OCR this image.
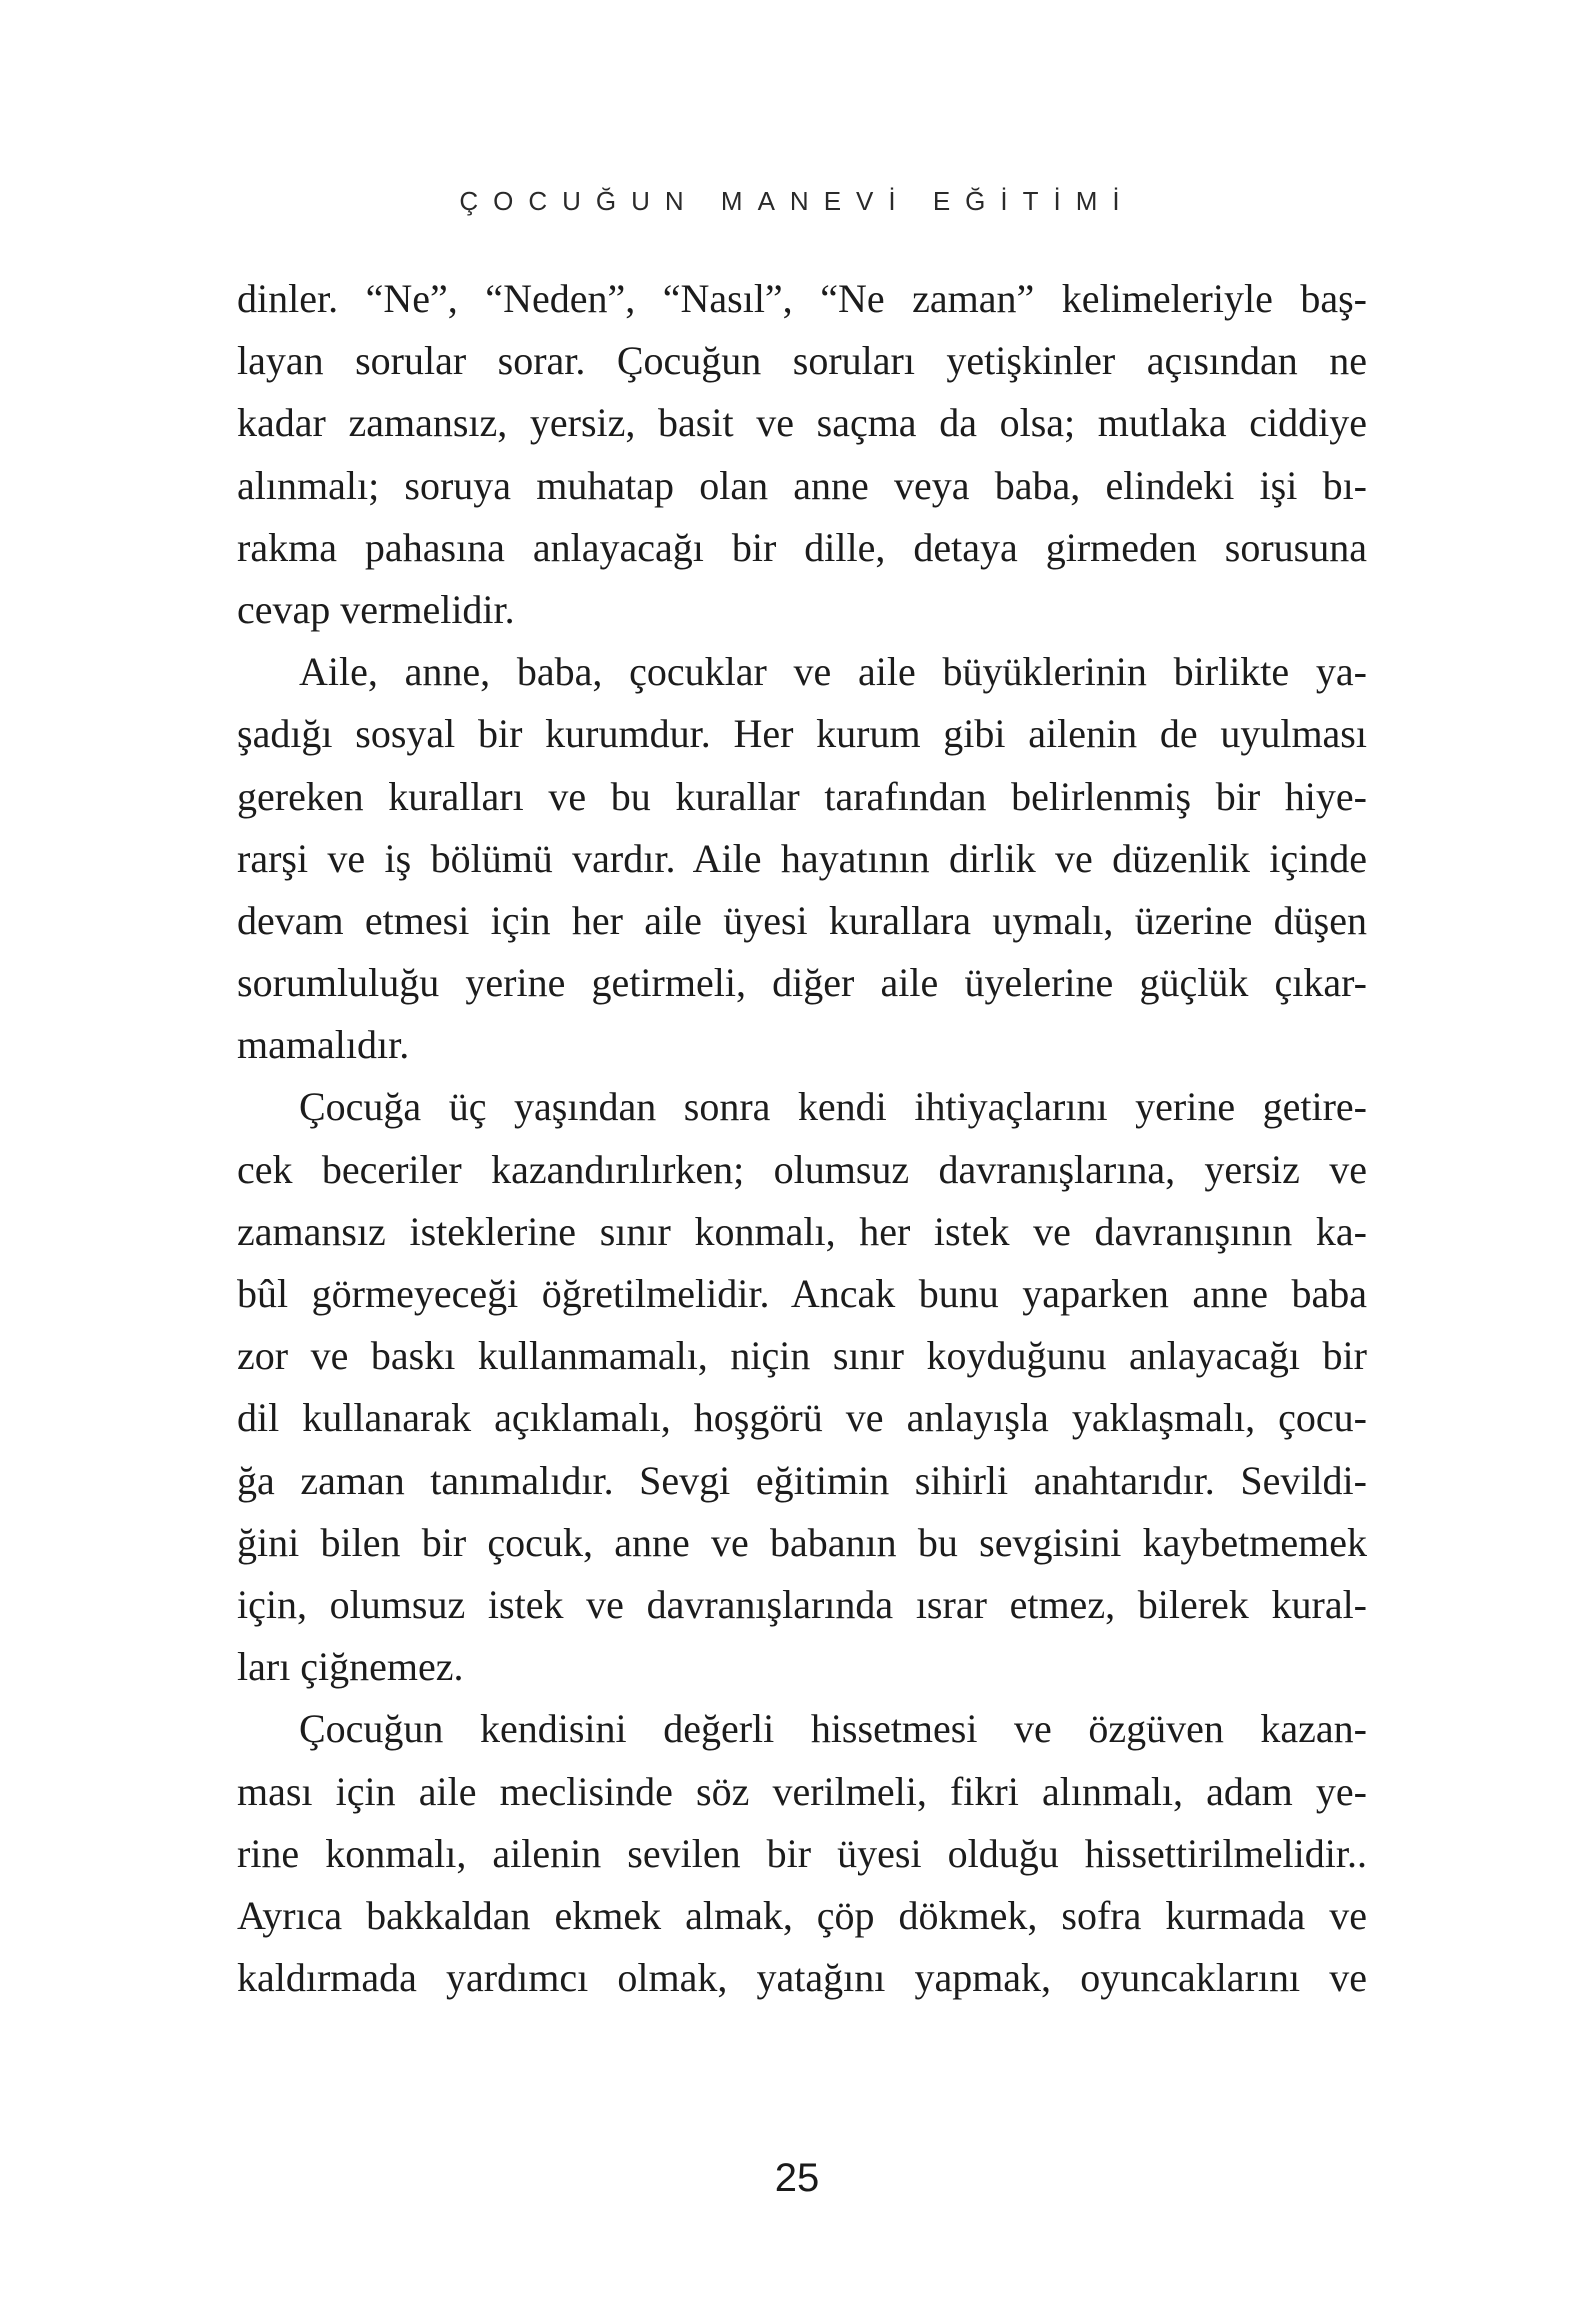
ÇOCUĞUN MANEVİ EĞİTİMİ
dinler. “Ne”, “Neden”, “Nasıl”, “Ne zaman” kelimeleriyle baş-
layan sorular sorar. Çocuğun soruları yetişkinler açısından ne
kadar zamansız, yersiz, basit ve saçma da olsa; mutlaka ciddiye
alınmalı; soruya muhatap olan anne veya baba, elindeki işi bı-
rakma pahasına anlayacağı bir dille, detaya girmeden sorusuna
cevap vermelidir.
Aile, anne, baba, çocuklar ve aile büyüklerinin birlikte ya-
şadığı sosyal bir kurumdur. Her kurum gibi ailenin de uyulması
gereken kuralları ve bu kurallar tarafından belirlenmiş bir hiye-
rarşi ve iş bölümü vardır. Aile hayatının dirlik ve düzenlik içinde
devam etmesi için her aile üyesi kurallara uymalı, üzerine düşen
sorumluluğu yerine getirmeli, diğer aile üyelerine güçlük çıkar-
mamalıdır.
Çocuğa üç yaşından sonra kendi ihtiyaçlarını yerine getire-
cek beceriler kazandırılırken; olumsuz davranışlarına, yersiz ve
zamansız isteklerine sınır konmalı, her istek ve davranışının ka-
bûl görmeyeceği öğretilmelidir. Ancak bunu yaparken anne baba
zor ve baskı kullanmamalı, niçin sınır koyduğunu anlayacağı bir
dil kullanarak açıklamalı, hoşgörü ve anlayışla yaklaşmalı, çocu-
ğa zaman tanımalıdır. Sevgi eğitimin sihirli anahtarıdır. Sevildi-
ğini bilen bir çocuk, anne ve babanın bu sevgisini kaybetmemek
için, olumsuz istek ve davranışlarında ısrar etmez, bilerek kural-
ları çiğnemez.
Çocuğun kendisini değerli hissetmesi ve özgüven kazan-
ması için aile meclisinde söz verilmeli, fikri alınmalı, adam ye-
rine konmalı, ailenin sevilen bir üyesi olduğu hissettirilmelidir..
Ayrıca bakkaldan ekmek almak, çöp dökmek, sofra kurmada ve
kaldırmada yardımcı olmak, yatağını yapmak, oyuncaklarını ve
25
